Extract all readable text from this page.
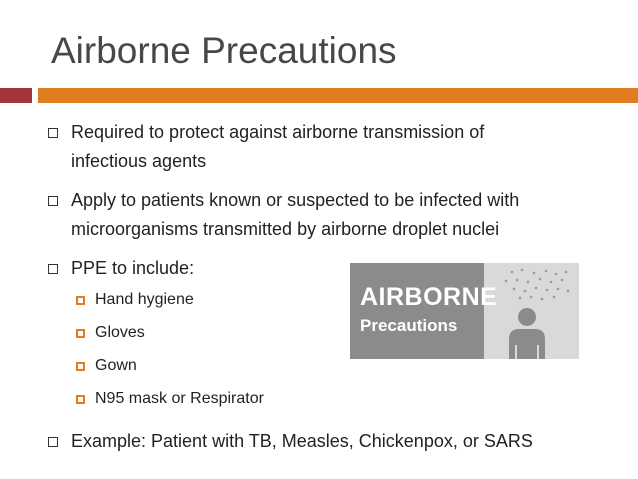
Airborne Precautions
Required to protect against airborne transmission of
infectious agents
Apply to patients known or suspected to be infected with
microorganisms transmitted by airborne droplet nuclei
PPE to include:
Hand hygiene
Gloves
Gown
N95 mask or Respirator
Example: Patient with TB, Measles, Chickenpox, or SARS
AIRBORNE
Precautions
